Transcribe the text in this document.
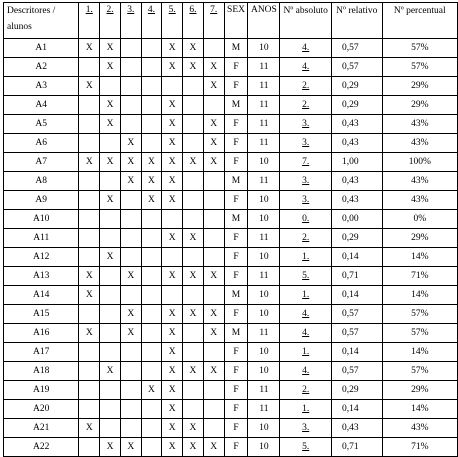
Descritores / alunos	1.	2.	3.	4.	5.	6.	7.	SEX	ANOS	Nº absoluto	Nº relativo	Nº percentual
A1	X	X			X	X		M	10	4.	0,57	57%
A2		X			X	X	X	F	11	4.	0,57	57%
A3	X						X	F	11	2.	0,29	29%
A4		X			X			M	11	2.	0,29	29%
A5		X			X		X	F	11	3.	0,43	43%
A6			X		X		X	F	11	3.	0,43	43%
A7	X	X	X	X	X	X	X	F	10	7.	1,00	100%
A8			X	X	X			M	11	3.	0,43	43%
A9		X		X	X			F	10	3.	0,43	43%
A10								M	10	0.	0,00	0%
A11					X	X		F	11	2.	0,29	29%
A12		X						F	10	1.	0,14	14%
A13	X		X		X	X	X	F	11	5.	0,71	71%
A14	X							M	10	1.	0,14	14%
A15			X		X	X	X	F	10	4.	0,57	57%
A16	X		X		X		X	M	11	4.	0,57	57%
A17					X			F	10	1.	0,14	14%
A18		X			X	X	X	F	10	4.	0,57	57%
A19				X	X			F	11	2.	0,29	29%
A20					X			F	11	1.	0,14	14%
A21	X				X	X		F	10	3.	0,43	43%
A22		X	X		X	X	X	F	10	5.	0,71	71%
